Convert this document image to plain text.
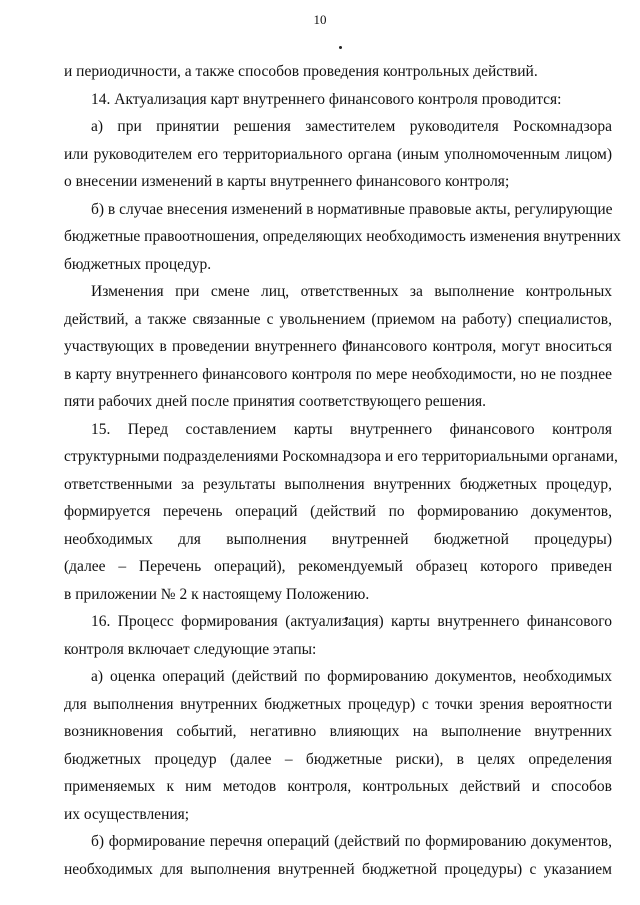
10
и периодичности, а также способов проведения контрольных действий.
14. Актуализация карт внутреннего финансового контроля проводится:
а) при принятии решения заместителем руководителя Роскомнадзора
или руководителем его территориального органа (иным уполномоченным лицом)
о внесении изменений в карты внутреннего финансового контроля;
б) в случае внесения изменений в нормативные правовые акты, регулирующие
бюджетные правоотношения, определяющих необходимость изменения внутренних
бюджетных процедур.
Изменения при смене лиц, ответственных за выполнение контрольных
действий, а также связанные с увольнением (приемом на работу) специалистов,
участвующих в проведении внутреннего финансового контроля, могут вноситься
в карту внутреннего финансового контроля по мере необходимости, но не позднее
пяти рабочих дней после принятия соответствующего решения.
15. Перед составлением карты внутреннего финансового контроля
структурными подразделениями Роскомнадзора и его территориальными органами,
ответственными за результаты выполнения внутренних бюджетных процедур,
формируется перечень операций (действий по формированию документов,
необходимых для выполнения внутренней бюджетной процедуры)
(далее – Перечень операций), рекомендуемый образец которого приведен
в приложении № 2 к настоящему Положению.
16. Процесс формирования (актуализация) карты внутреннего финансового
контроля включает следующие этапы:
а) оценка операций (действий по формированию документов, необходимых
для выполнения внутренних бюджетных процедур) с точки зрения вероятности
возникновения событий, негативно влияющих на выполнение внутренних
бюджетных процедур (далее – бюджетные риски), в целях определения
применяемых к ним методов контроля, контрольных действий и способов
их осуществления;
б) формирование перечня операций (действий по формированию документов,
необходимых для выполнения внутренней бюджетной процедуры) с указанием
